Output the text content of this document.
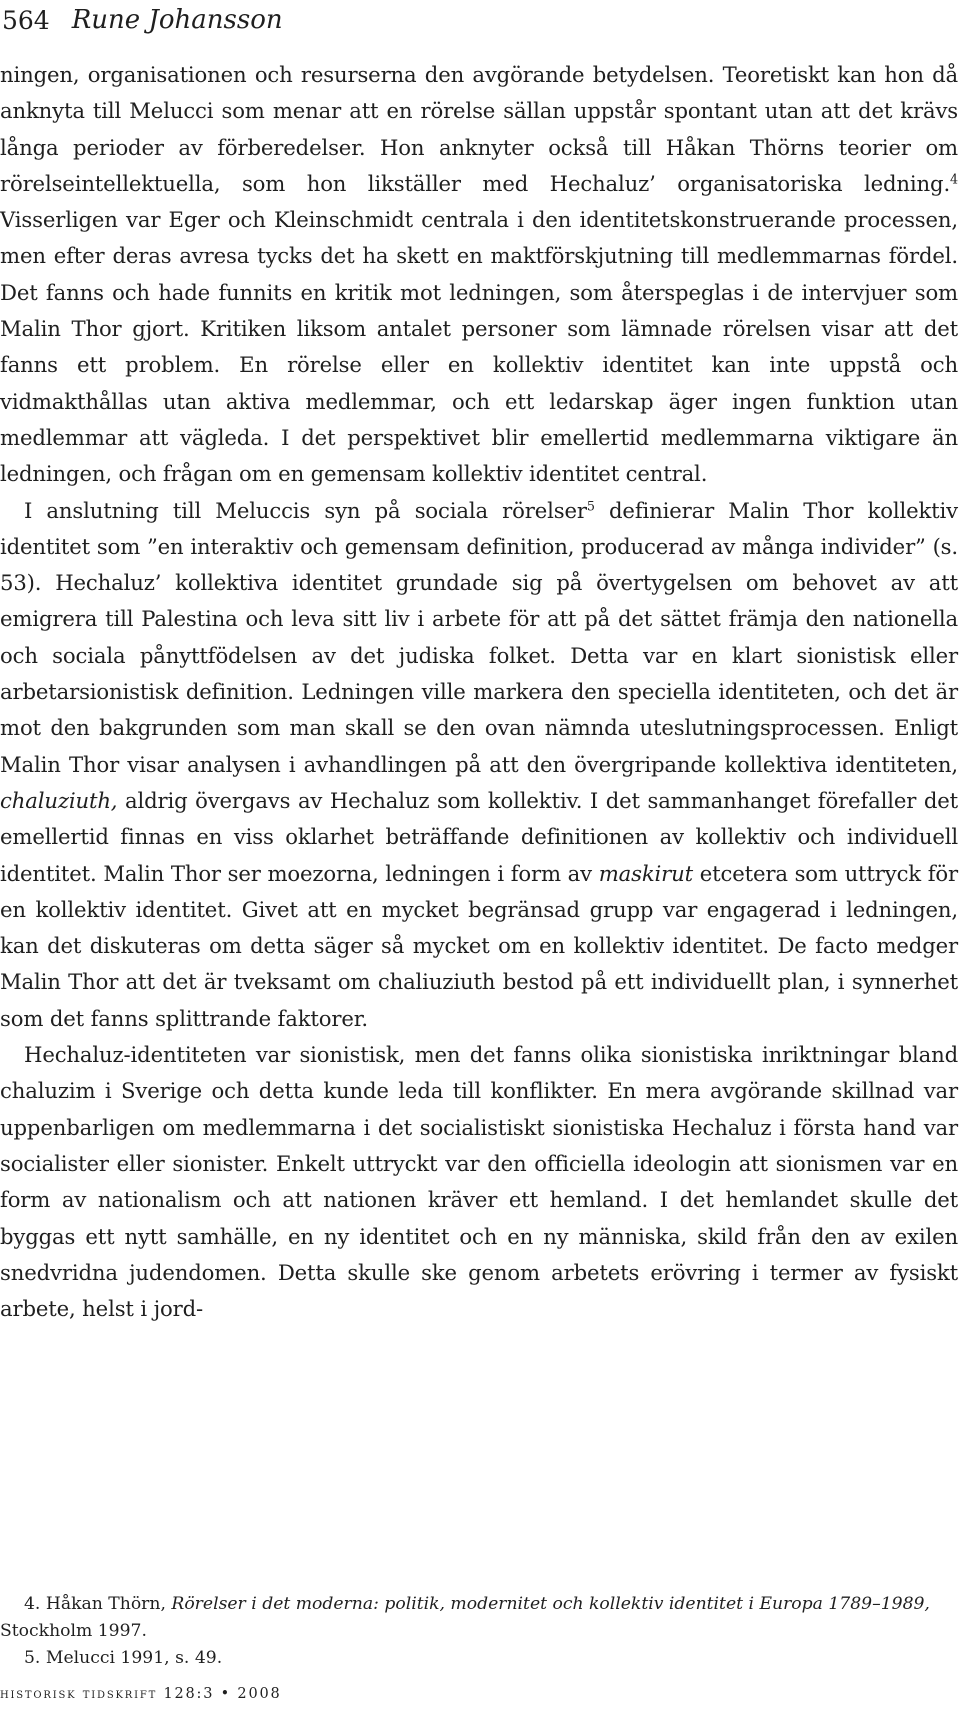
564 Rune Johansson

ningen, organisationen och resurserna den avgörande betydelsen. Teoretiskt kan hon då anknyta till Melucci som menar att en rörelse sällan uppstår spontant utan att det krävs långa perioder av förberedelser. Hon anknyter också till Håkan Thörns teorier om rörelseintellektuella, som hon likställer med Hechaluz’ organisatoriska ledning.$^4$ Visserligen var Eger och Kleinschmidt centrala i den identitetskonstruerande processen, men efter deras avresa tycks det ha skett en maktförskjutning till medlemmarnas fördel. Det fanns och hade funnits en kritik mot ledningen, som återspeglas i de intervjuer som Malin Thor gjort. Kritiken liksom antalet personer som lämnade rörelsen visar att det fanns ett problem. En rörelse eller en kollektiv identitet kan inte uppstå och vidmakthållas utan aktiva medlemmar, och ett ledarskap äger ingen funktion utan medlemmar att vägleda. I det perspektivet blir emellertid medlemmarna viktigare än ledningen, och frågan om en gemensam kollektiv identitet central.

I anslutning till Meluccis syn på sociala rörelser$^5$ definierar Malin Thor kollektiv identitet som ”en interaktiv och gemensam definition, producerad av många individer” (s. 53). Hechaluz’ kollektiva identitet grundade sig på övertygelsen om behovet av att emigrera till Palestina och leva sitt liv i arbete för att på det sättet främja den nationella och sociala pånyttfödelsen av det judiska folket. Detta var en klart sionistisk eller arbetarsionistisk definition. Ledningen ville markera den speciella identiteten, och det är mot den bakgrunden som man skall se den ovan nämnda uteslutningsprocessen. Enligt Malin Thor visar analysen i avhandlingen på att den övergripande kollektiva identiteten, chaluziuth, aldrig övergavs av Hechaluz som kollektiv. I det sammanhanget förefaller det emellertid finnas en viss oklarhet beträffande definitionen av kollektiv och individuell identitet. Malin Thor ser moezorna, ledningen i form av maskirut etcetera som uttryck för en kollektiv identitet. Givet att en mycket begränsad grupp var engagerad i ledningen, kan det diskuteras om detta säger så mycket om en kollektiv identitet. De facto medger Malin Thor att det är tveksamt om chaliuziuth bestod på ett individuellt plan, i synnerhet som det fanns splittrande faktorer.

Hechaluz-identiteten var sionistisk, men det fanns olika sionistiska inriktningar bland chaluzim i Sverige och detta kunde leda till konflikter. En mera avgörande skillnad var uppenbarligen om medlemmarna i det socialistiskt sionistiska Hechaluz i första hand var socialister eller sionister. Enkelt uttryckt var den officiella ideologin att sionismen var en form av nationalism och att nationen kräver ett hemland. I det hemlandet skulle det byggas ett nytt samhälle, en ny identitet och en ny människa, skild från den av exilen snedvridna judendomen. Detta skulle ske genom arbetets erövring i termer av fysiskt arbete, helst i jord-

4. Håkan Thörn, Rörelser i det moderna: politik, modernitet och kollektiv identitet i Europa 1789–1989, Stockholm 1997.

5. Melucci 1991, s. 49.

historisk tidskrift 128:3 • 2008
